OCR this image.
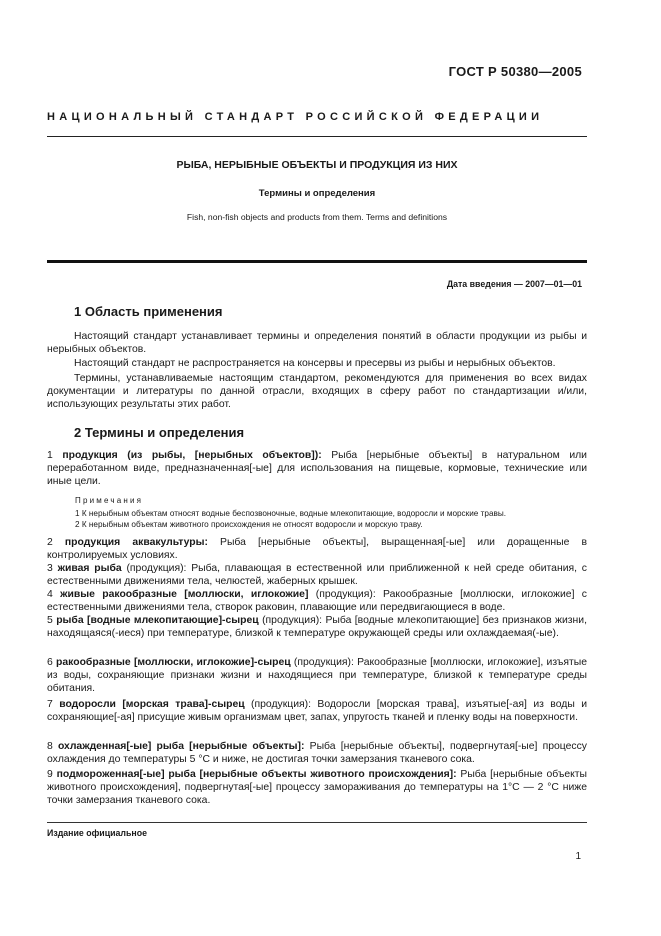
ГОСТ Р 50380—2005
НАЦИОНАЛЬНЫЙ СТАНДАРТ РОССИЙСКОЙ ФЕДЕРАЦИИ
РЫБА, НЕРЫБНЫЕ ОБЪЕКТЫ И ПРОДУКЦИЯ ИЗ НИХ
Термины и определения
Fish, non-fish objects and products from them. Terms and definitions
Дата введения — 2007—01—01
1 Область применения
Настоящий стандарт устанавливает термины и определения понятий в области продукции из рыбы и нерыбных объектов.
Настоящий стандарт не распространяется на консервы и пресервы из рыбы и нерыбных объектов.
Термины, устанавливаемые настоящим стандартом, рекомендуются для применения во всех видах документации и литературы по данной отрасли, входящих в сферу работ по стандартизации и/или, использующих результаты этих работ.
2 Термины и определения
1 продукция (из рыбы, [нерыбных объектов]): Рыба [нерыбные объекты] в натуральном или переработанном виде, предназначенная[-ые] для использования на пищевые, кормовые, технические или иные цели.
Примечания
1 К нерыбным объектам относят водные беспозвоночные, водные млекопитающие, водоросли и морские травы.
2 К нерыбным объектам животного происхождения не относят водоросли и морскую траву.
2 продукция аквакультуры: Рыба [нерыбные объекты], выращенная[-ые] или доращенные в контролируемых условиях.
3 живая рыба (продукция): Рыба, плавающая в естественной или приближенной к ней среде обитания, с естественными движениями тела, челюстей, жаберных крышек.
4 живые ракообразные [моллюски, иглокожие] (продукция): Ракообразные [моллюски, иглокожие] с естественными движениями тела, створок раковин, плавающие или передвигающиеся в воде.
5 рыба [водные млекопитающие]-сырец (продукция): Рыба [водные млекопитающие] без признаков жизни, находящаяся(-иеся) при температуре, близкой к температуре окружающей среды или охлаждаемая(-ые).
6 ракообразные [моллюски, иглокожие]-сырец (продукция): Ракообразные [моллюски, иглокожие], изъятые из воды, сохраняющие признаки жизни и находящиеся при температуре, близкой к температуре среды обитания.
7 водоросли [морская трава]-сырец (продукция): Водоросли [морская трава], изъятые[-ая] из воды и сохраняющие[-ая] присущие живым организмам цвет, запах, упругость тканей и пленку воды на поверхности.
8 охлажденная[-ые] рыба [нерыбные объекты]: Рыба [нерыбные объекты], подвергнутая[-ые] процессу охлаждения до температуры 5 °С и ниже, не достигая точки замерзания тканевого сока.
9 подмороженная[-ые] рыба [нерыбные объекты животного происхождения]: Рыба [нерыбные объекты животного происхождения], подвергнутая[-ые] процессу замораживания до температуры на 1°С — 2 °С ниже точки замерзания тканевого сока.
Издание официальное
1
